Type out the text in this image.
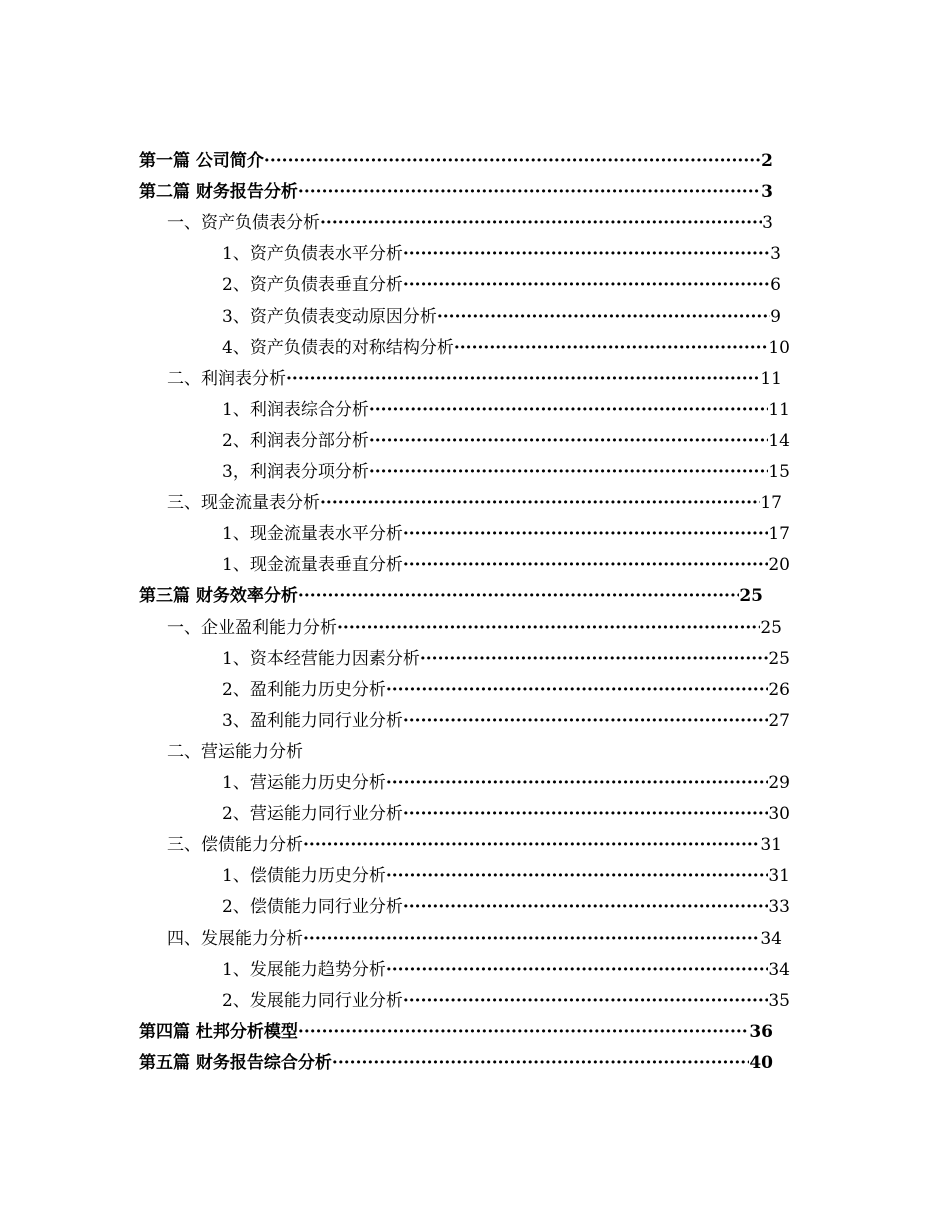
第一篇 公司简介 ·····	2
第二篇 财务报告分析 ·····	3
一、资产负债表分析 ·····	3
1、资产负债表水平分析 ·····	3
2、资产负债表垂直分析 ·····	6
3、资产负债表变动原因分析 ·····	9
4、资产负债表的对称结构分析 ·····	10
二、利润表分析 ·····	11
1、利润表综合分析 ·····	11
2、利润表分部分析 ·····	14
3，利润表分项分析 ·····	15
三、现金流量表分析 ·····	17
1、现金流量表水平分析 ·····	17
1、现金流量表垂直分析 ·····	20
第三篇 财务效率分析 ·····	25
一、企业盈利能力分析 ·····	25
1、资本经营能力因素分析 ·····	25
2、盈利能力历史分析 ·····	26
3、盈利能力同行业分析 ·····	27
二、营运能力分析
1、营运能力历史分析 ·····	29
2、营运能力同行业分析 ·····	30
三、偿债能力分析 ·····	31
1、偿债能力历史分析 ·····	31
2、偿债能力同行业分析 ·····	33
四、发展能力分析 ·····	34
1、发展能力趋势分析 ·····	34
2、发展能力同行业分析 ·····	35
第四篇 杜邦分析模型 ·····	36
第五篇 财务报告综合分析 ·····	40
